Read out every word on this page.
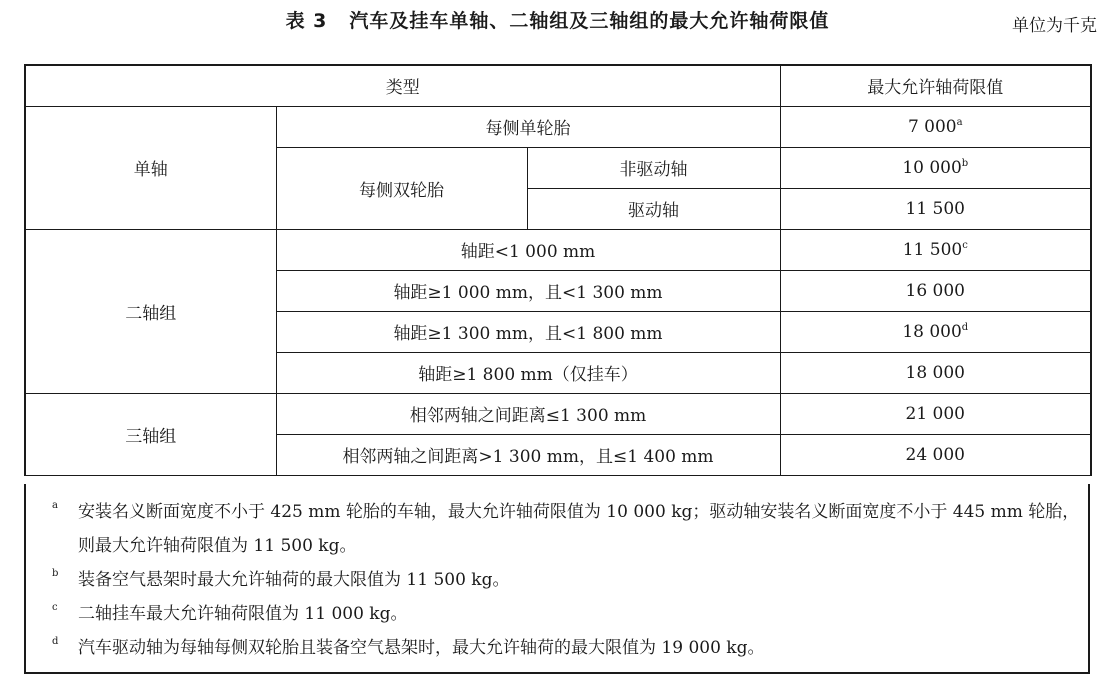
表 3 汽车及挂车单轴、二轴组及三轴组的最大允许轴荷限值	单位为千克
类型			最大允许轴荷限值
单轴	每侧单轮胎		7 000$^a$
	每侧双轮胎	非驱动轴	10 000$^b$
		驱动轴	11 500
二轴组	轴距<1 000 mm		11 500$^c$
	轴距≥1 000 mm，且<1 300 mm		16 000
	轴距≥1 300 mm，且<1 800 mm		18 000$^d$
	轴距≥1 800 mm（仅挂车）		18 000
三轴组	相邻两轴之间距离≤1 300 mm		21 000
	相邻两轴之间距离>1 300 mm，且≤1 400 mm		24 000
a 安装名义断面宽度不小于 425 mm 轮胎的车轴，最大允许轴荷限值为 10 000 kg；驱动轴安装名义断面宽度不小于 445 mm 轮胎，则最大允许轴荷限值为 11 500 kg。
b 装备空气悬架时最大允许轴荷的最大限值为 11 500 kg。
c 二轴挂车最大允许轴荷限值为 11 000 kg。
d 汽车驱动轴为每轴每侧双轮胎且装备空气悬架时，最大允许轴荷的最大限值为 19 000 kg。
